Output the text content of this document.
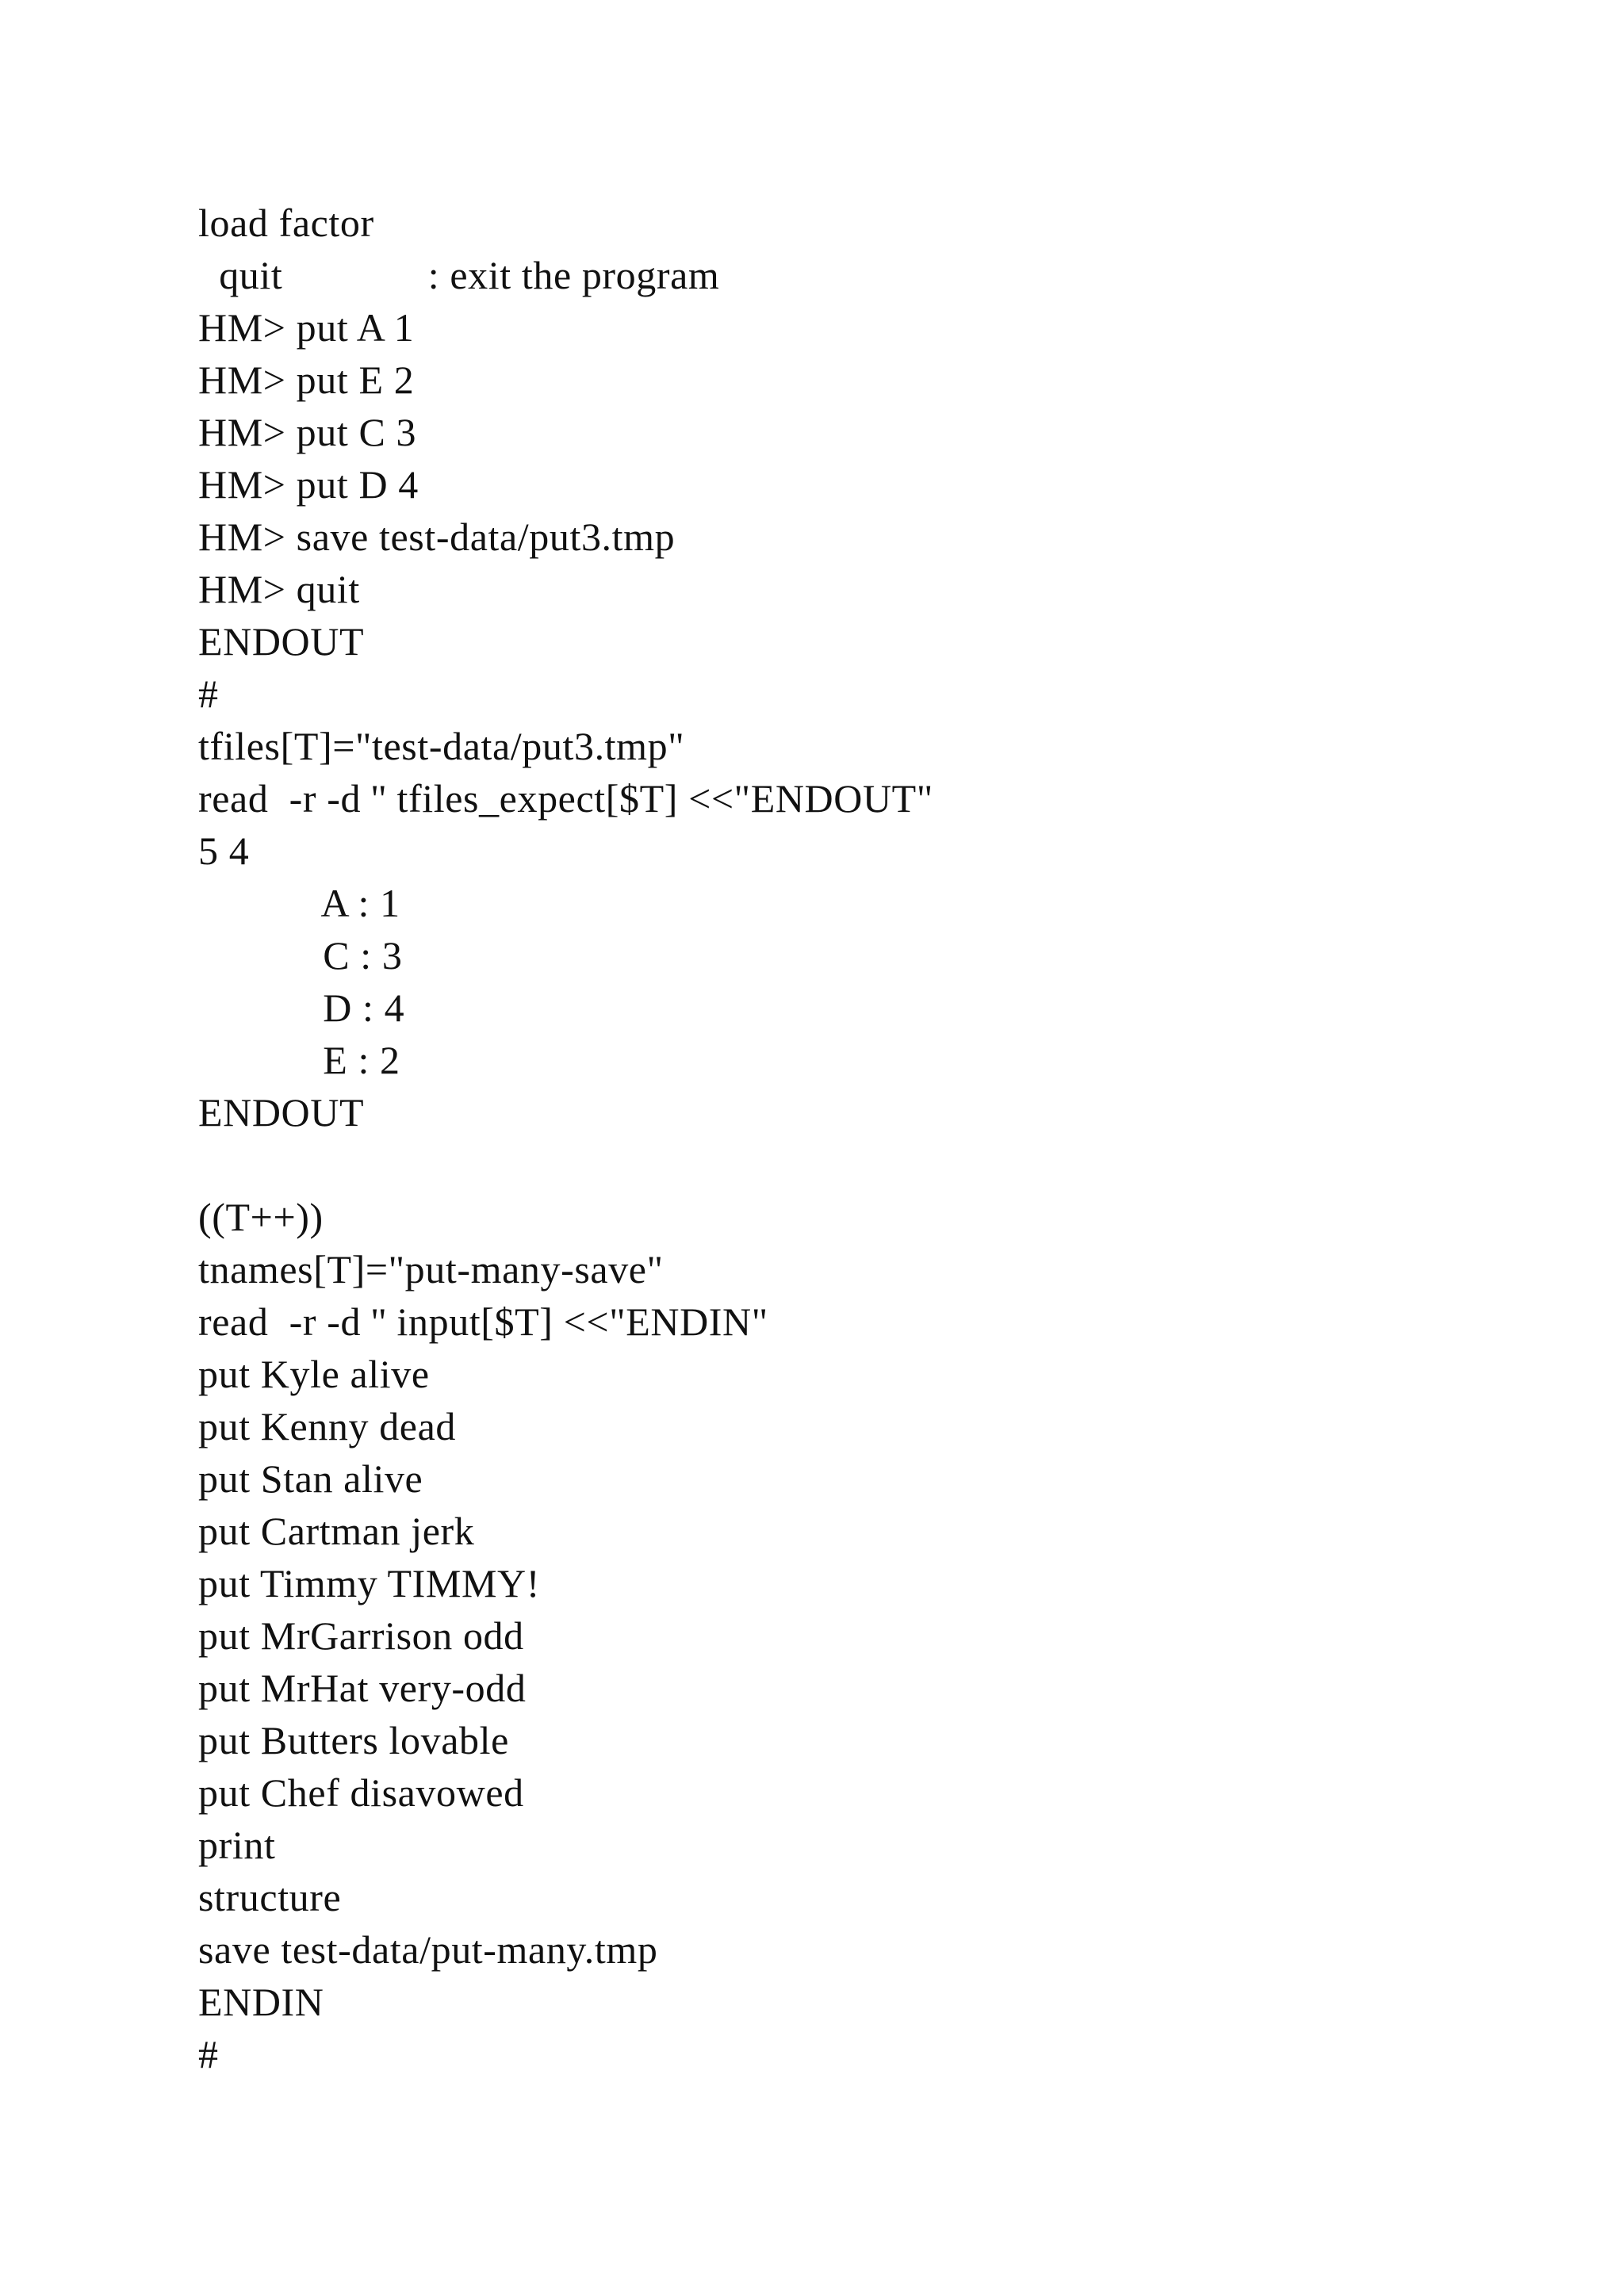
load factor
quit              : exit the program
HM> put A 1
HM> put E 2
HM> put C 3
HM> put D 4
HM> save test-data/put3.tmp
HM> quit
ENDOUT
#
tfiles[T]="test-data/put3.tmp"
read  -r -d '' tfiles_expect[$T] <<"ENDOUT"
5 4
A : 1
C : 3
D : 4
E : 2
ENDOUT
((T++))
tnames[T]="put-many-save"
read  -r -d '' input[$T] <<"ENDIN"
put Kyle alive
put Kenny dead
put Stan alive
put Cartman jerk
put Timmy TIMMY!
put MrGarrison odd
put MrHat very-odd
put Butters lovable
put Chef disavowed
print
structure
save test-data/put-many.tmp
ENDIN
#
